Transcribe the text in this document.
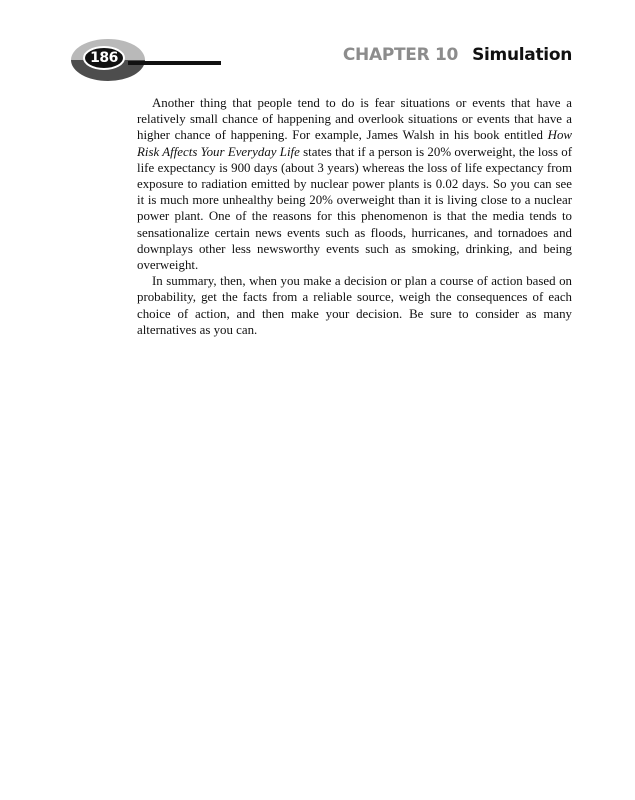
186	CHAPTER 10 Simulation

Another thing that people tend to do is fear situations or events that have a relatively small chance of happening and overlook situations or events that have a higher chance of happening. For example, James Walsh in his book entitled How Risk Affects Your Everyday Life states that if a person is 20% overweight, the loss of life expectancy is 900 days (about 3 years) whereas the loss of life expectancy from exposure to radiation emitted by nuclear power plants is 0.02 days. So you can see it is much more unhealthy being 20% overweight than it is living close to a nuclear power plant. One of the reasons for this phenomenon is that the media tends to sensationalize certain news events such as floods, hurricanes, and tornadoes and downplays other less newsworthy events such as smoking, drinking, and being overweight.

In summary, then, when you make a decision or plan a course of action based on probability, get the facts from a reliable source, weigh the consequences of each choice of action, and then make your decision. Be sure to consider as many alternatives as you can.
